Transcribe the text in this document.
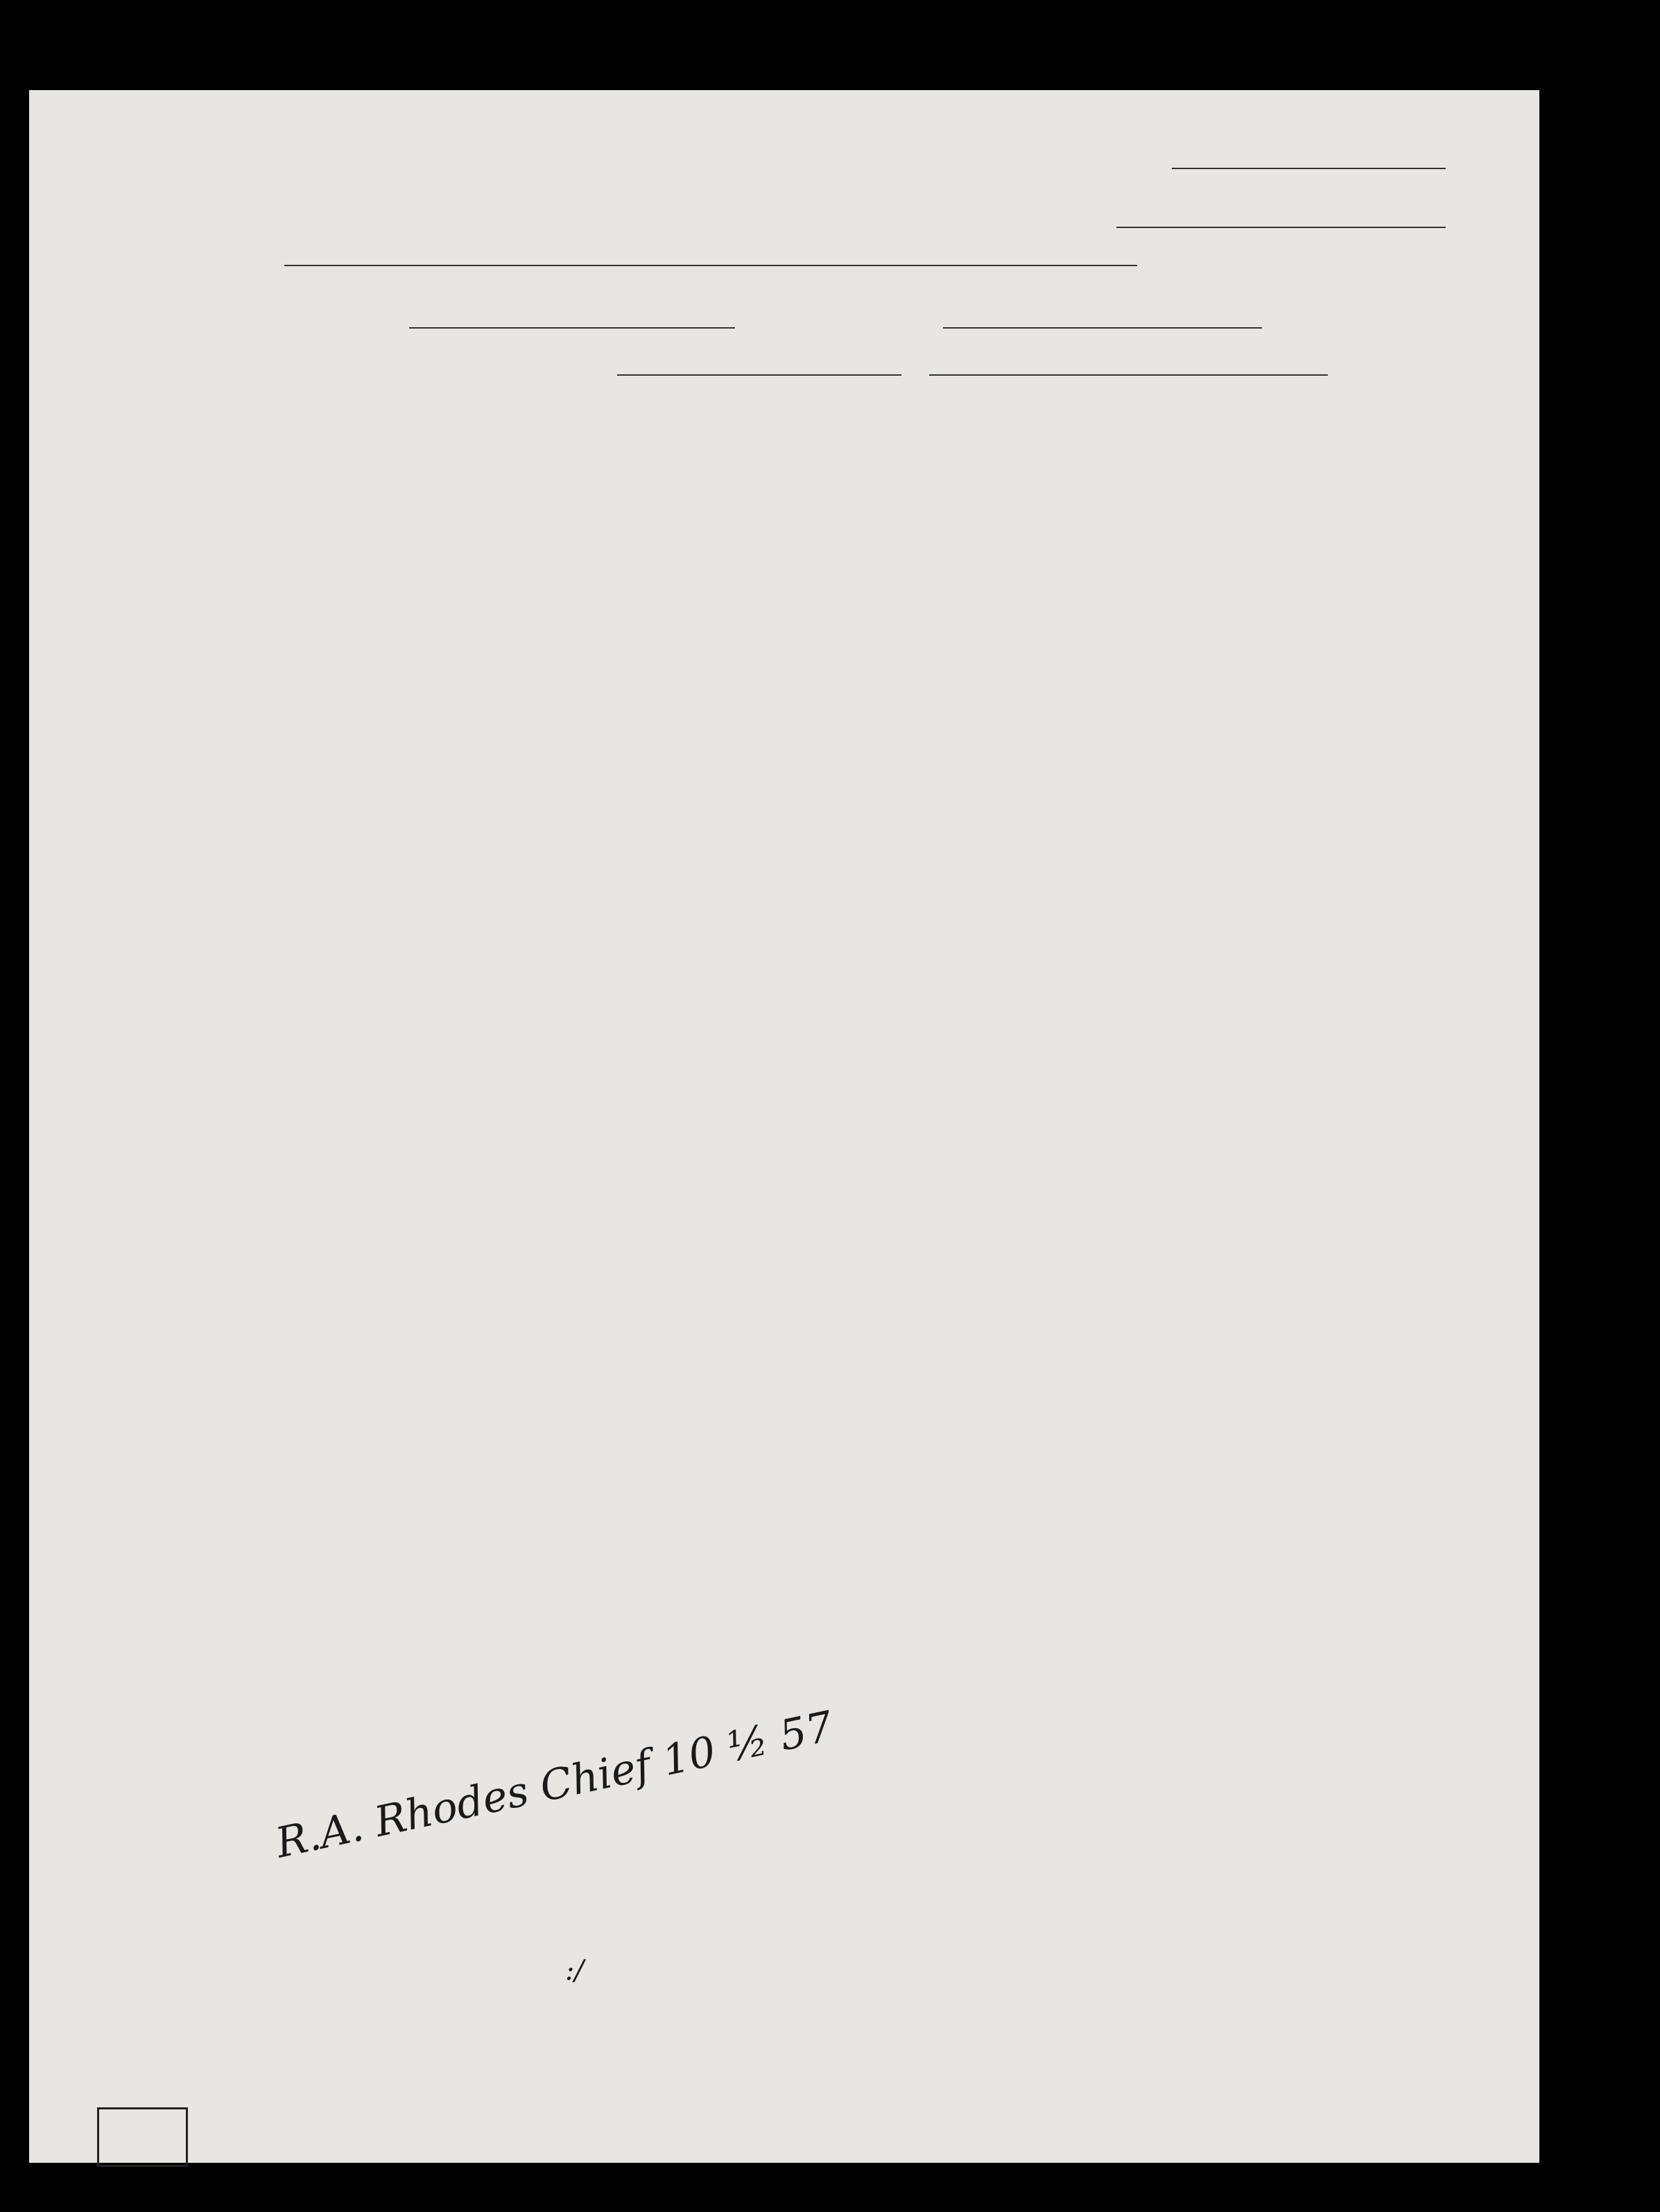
R.A. Rhodes Chief 10 ½ 57
:/
